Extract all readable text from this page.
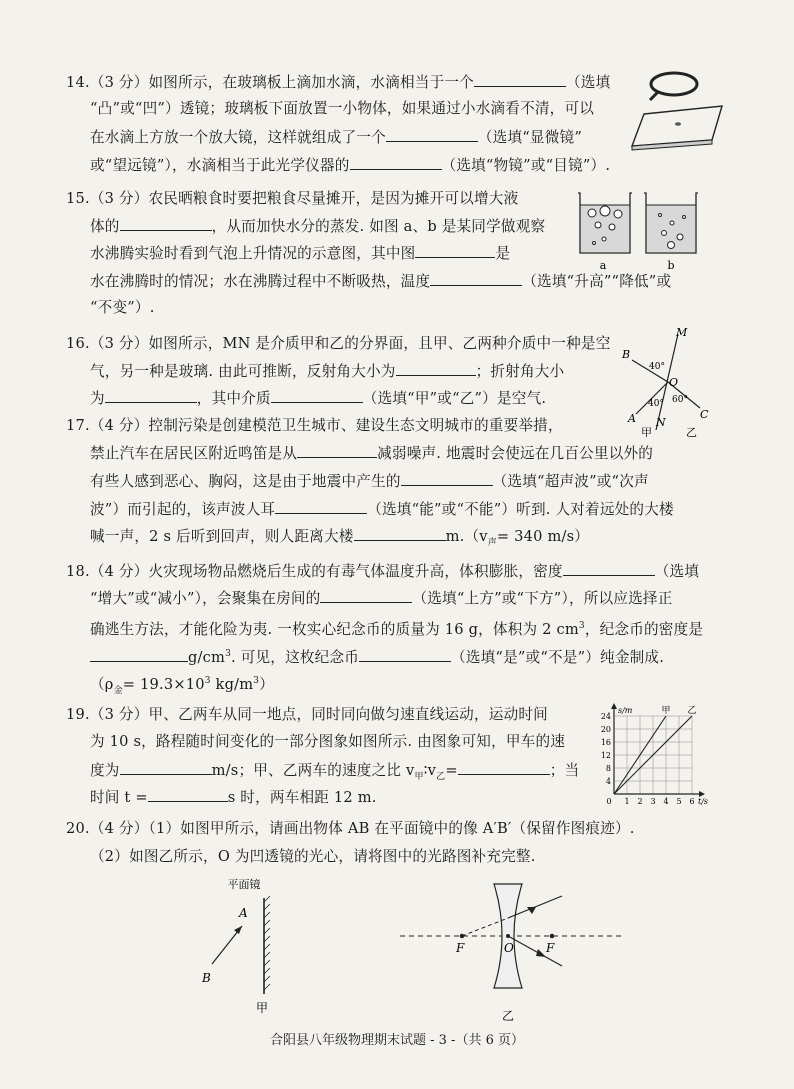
14.（3 分）如图所示，在玻璃板上滴加水滴，水滴相当于一个	（选填
“凸”或“凹”）透镜；玻璃板下面放置一小物体，如果通过小水滴看不清，可以
在水滴上方放一个放大镜，这样就组成了一个	（选填“显微镜”
或“望远镜”），水滴相当于此光学仪器的	（选填“物镜”或“目镜”）.
15.（3 分）农民晒粮食时要把粮食尽量摊开，是因为摊开可以增大液
体的	，从而加快水分的蒸发. 如图 a、b 是某同学做观察
水沸腾实验时看到气泡上升情况的示意图，其中图	是
水在沸腾时的情况；水在沸腾过程中不断吸热，温度	（选填“升高”“降低”或
“不变”）.
a	b
16.（3 分）如图所示，MN 是介质甲和乙的分界面，且甲、乙两种介质中一种是空
气，另一种是玻璃. 由此可推断，反射角大小为	；折射角大小
为	，其中介质	（选填“甲”或“乙”）是空气.
M
B
40°
O
40° 60°
A	C
N
甲	乙
17.（4 分）控制污染是创建模范卫生城市、建设生态文明城市的重要举措，
禁止汽车在居民区附近鸣笛是从	减弱噪声. 地震时会使远在几百公里以外的
有些人感到恶心、胸闷，这是由于地震中产生的	（选填“超声波”或“次声
波”）而引起的，该声波人耳	（选填“能”或“不能”）听到. 人对着远处的大楼
喊一声，2 s 后听到回声，则人距离大楼	$m.(v_声= 340$ m/s）
18.（4 分）火灾现场物品燃烧后生成的有毒气体温度升高，体积膨胀，密度	（选填
“增大”或“减小”），会聚集在房间的	（选填“上方”或“下方”），所以应选择正
确逃生方法，才能化险为夷. 一枚实心纪念币的质量为 16 g，体积为 2 $cm^3$，纪念币的密度是
$g/cm^3$. 可见，这枚纪念币	（选填“是”或“不是”）纯金制成.
（$\rho_金= 19.3\times 10^3$ $kg/m^3$）
19.（3 分）甲、乙两车从同一地点，同时同向做匀速直线运动，运动时间
为 10 s，路程随时间变化的一部分图象如图所示. 由图象可知，甲车的速
度为	m/s；甲、乙两车的速度之比 $v_甲∶v_乙=$	；当
时间 t =	s 时，两车相距 12 m.
甲 乙
0 1 2 3 4 5 6
4
8
12
16
20
24
s/m
t/s
20.（4 分）（1）如图甲所示，请画出物体 AB 在平面镜中的像 A′B′（保留作图痕迹）.
（2）如图乙所示，O 为凹透镜的光心，请将图中的光路图补充完整.
平面镜
A
B
甲
F	F
O
乙
合阳县八年级物理期末试题 - 3 -（共 6 页）
